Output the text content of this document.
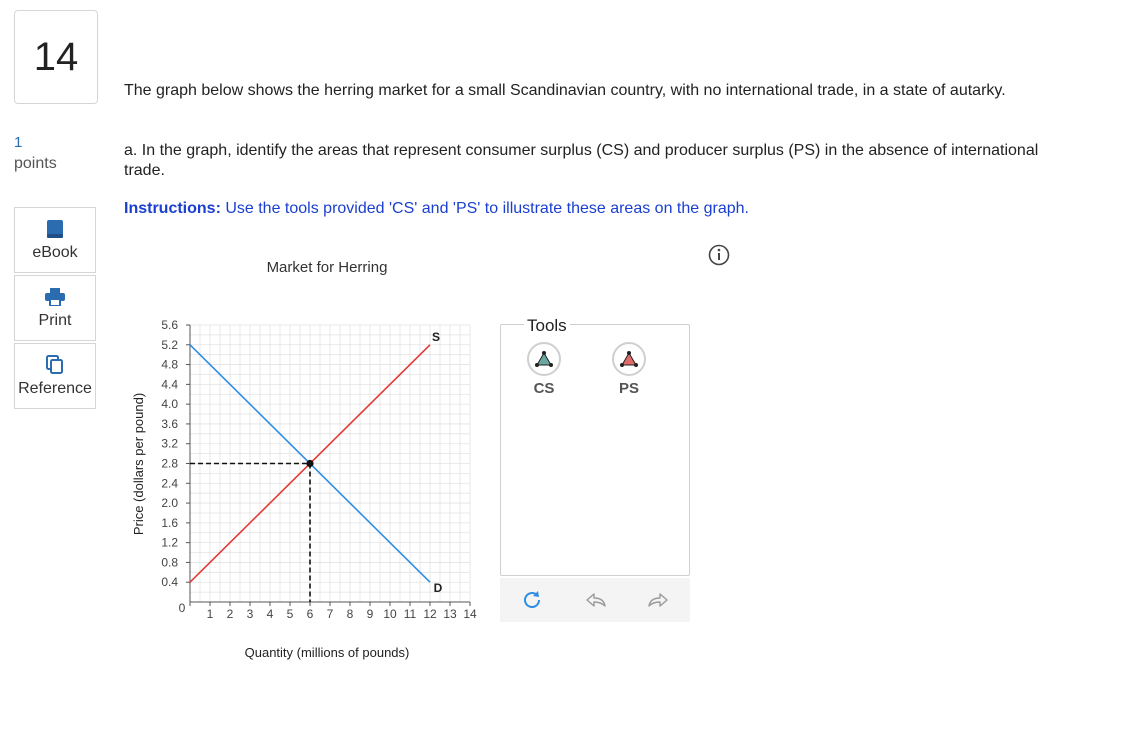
14
1
points
eBook
Print
Reference
The graph below shows the herring market for a small Scandinavian country, with no international trade, in a state of autarky.
a. In the graph, identify the areas that represent consumer surplus (CS) and producer surplus (PS) in the absence of international trade.
Instructions: Use the tools provided 'CS' and 'PS' to illustrate these areas on the graph.
0.4
0.8
1.2
1.6
2.0
2.4
2.8
3.2
3.6
4.0
4.4
4.8
5.2
5.6
0 1 2 3 4 5 6 7 8 9 10 11 12 13 14
S
D
Market for Herring
Quantity (millions of pounds)
Price (dollars per pound)
Tools
CS	PS
